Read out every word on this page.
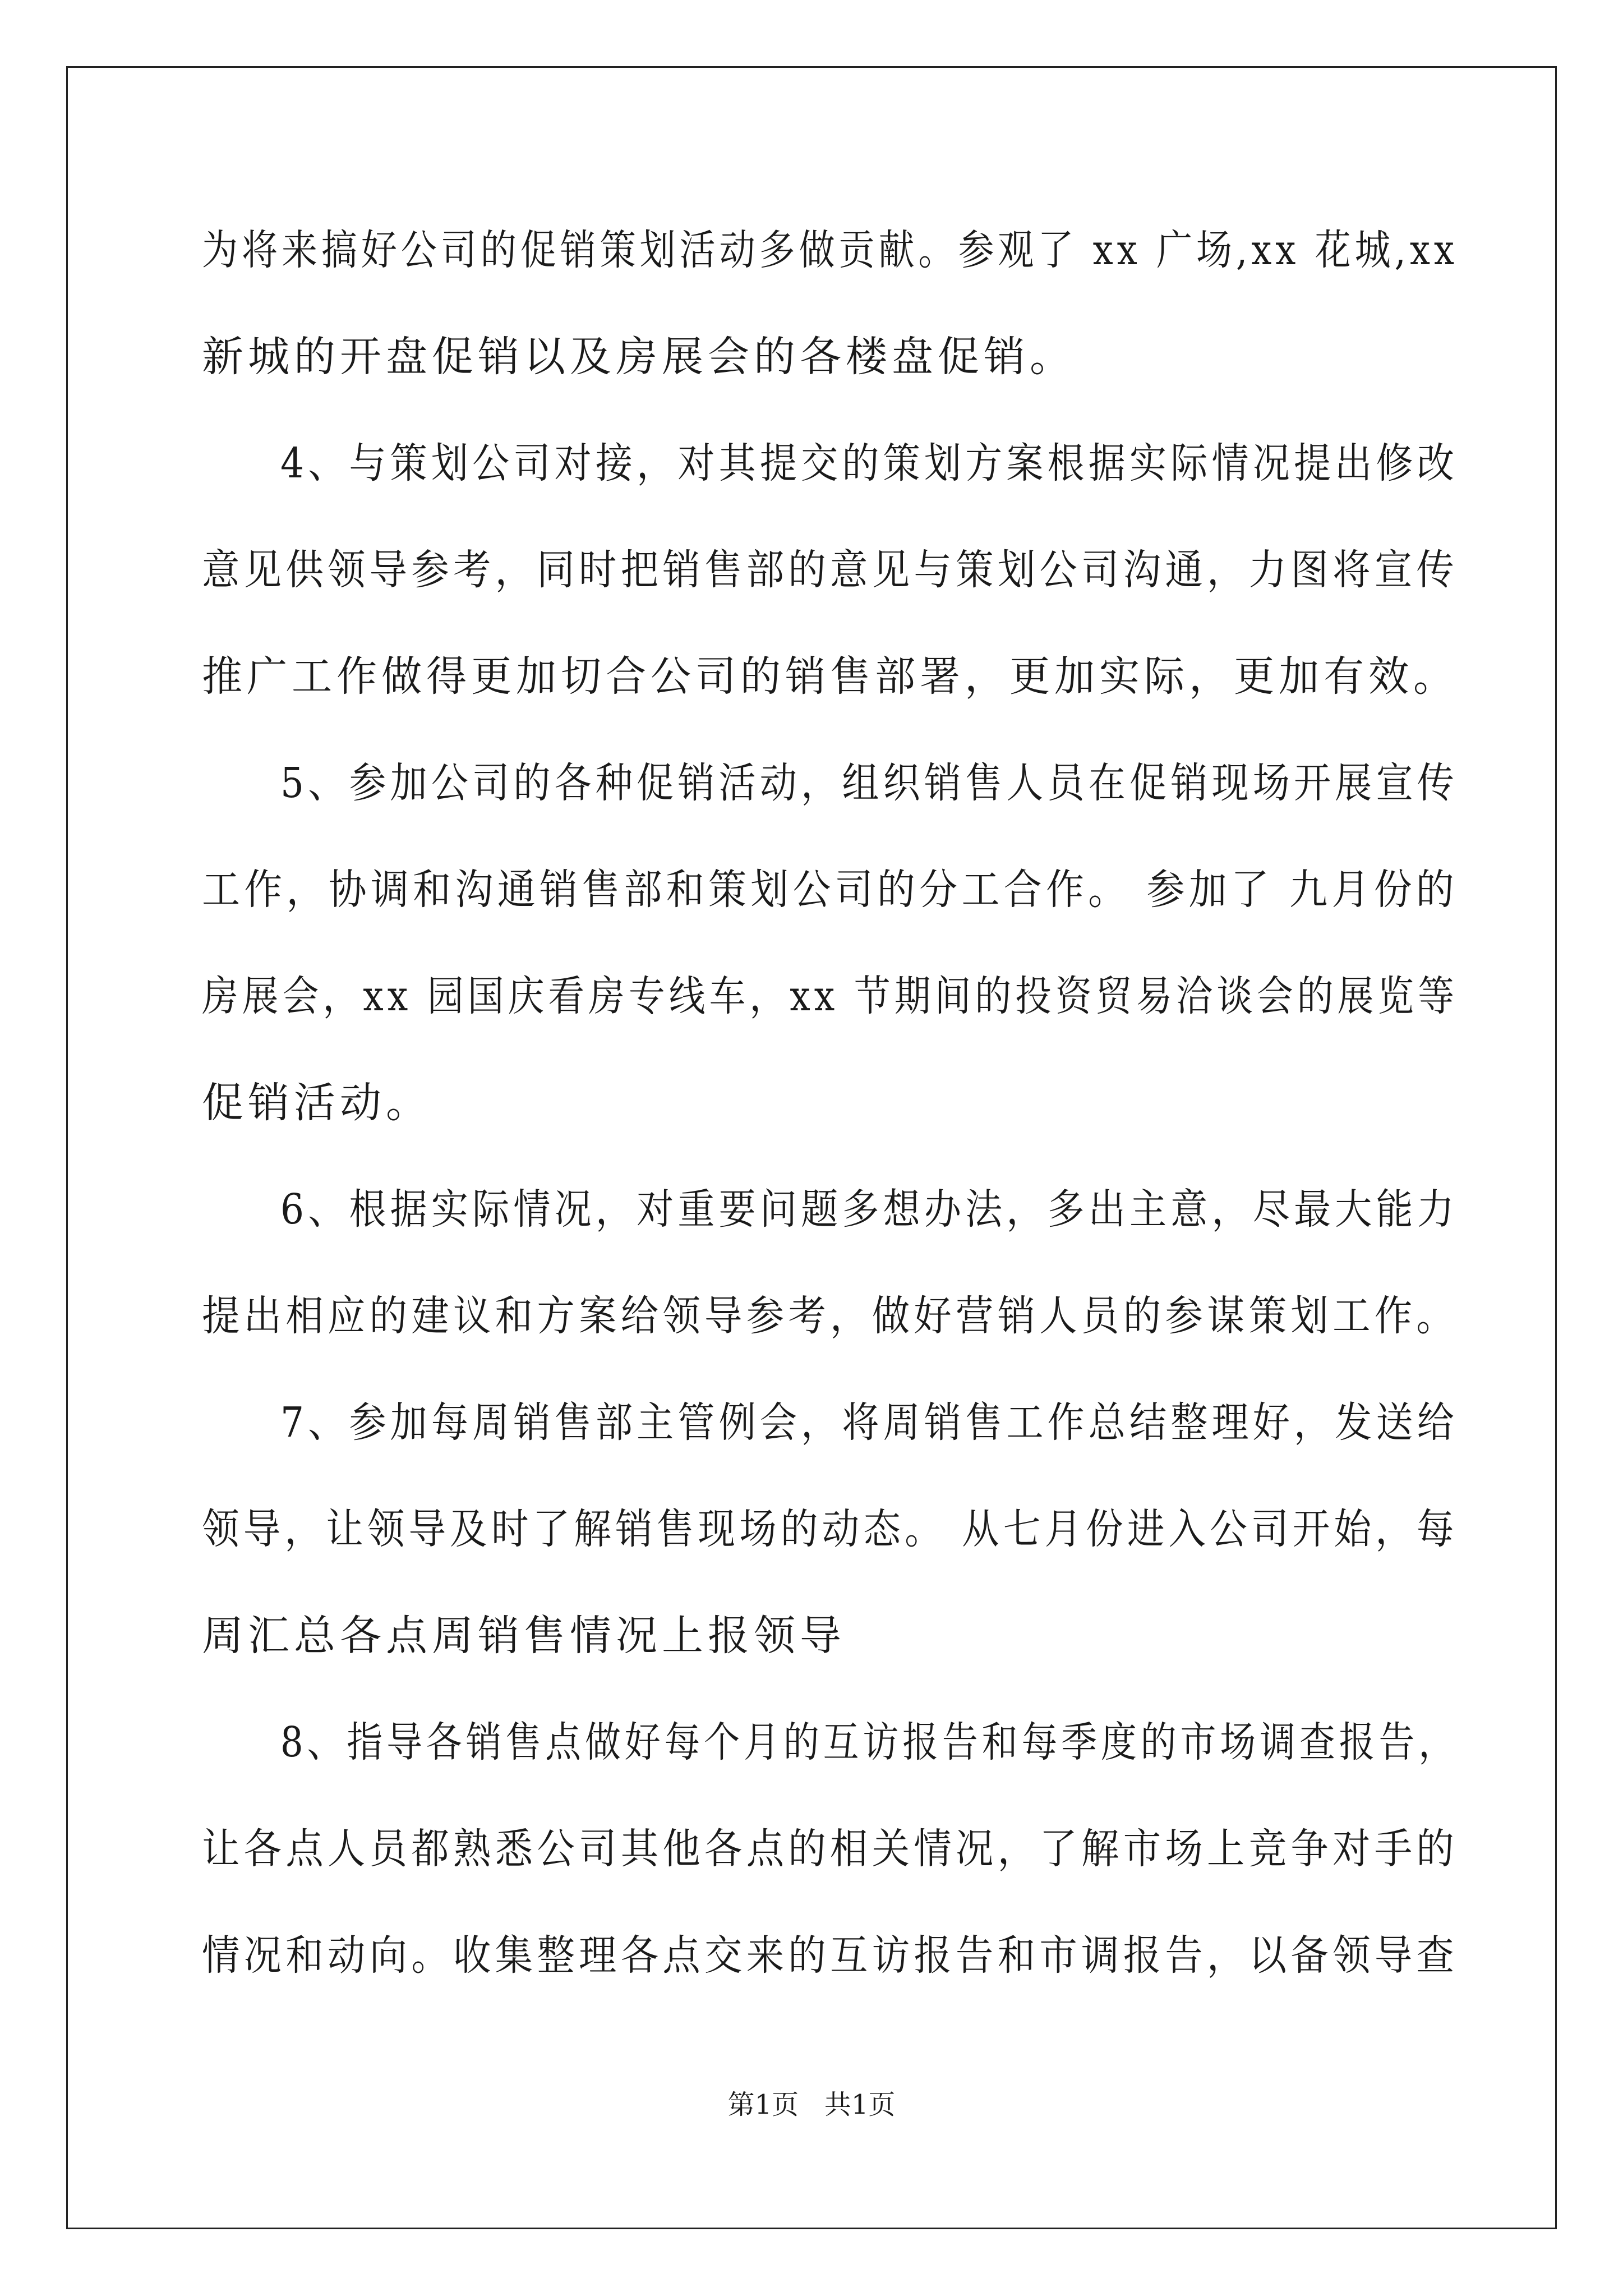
为将来搞好公司的促销策划活动多做贡献。参观了 xx 广场,xx 花城,xx
新城的开盘促销以及房展会的各楼盘促销。
4、与策划公司对接，对其提交的策划方案根据实际情况提出修改
意见供领导参考，同时把销售部的意见与策划公司沟通，力图将宣传
推广工作做得更加切合公司的销售部署，更加实际，更加有效。
5、参加公司的各种促销活动，组织销售人员在促销现场开展宣传
工作，协调和沟通销售部和策划公司的分工合作。 参加了 九月份的
房展会，xx 园国庆看房专线车，xx 节期间的投资贸易洽谈会的展览等
促销活动。
6、根据实际情况，对重要问题多想办法，多出主意，尽最大能力
提出相应的建议和方案给领导参考，做好营销人员的参谋策划工作。
7、参加每周销售部主管例会，将周销售工作总结整理好，发送给
领导，让领导及时了解销售现场的动态。 从七月份进入公司开始，每
周汇总各点周销售情况上报领导
8、指导各销售点做好每个月的互访报告和每季度的市场调查报告，
让各点人员都熟悉公司其他各点的相关情况，了解市场上竞争对手的
情况和动向。收集整理各点交来的互访报告和市调报告，以备领导查
第1页   共1页
